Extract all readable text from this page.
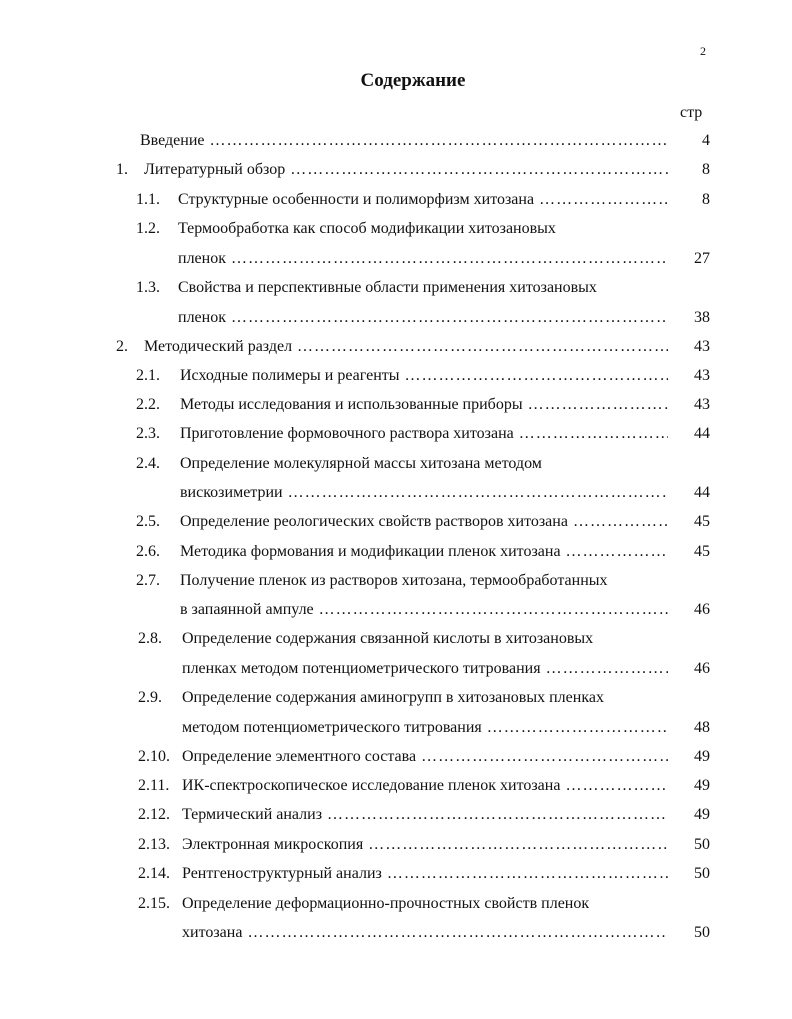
2
Содержание
стр
Введение ………………………………………………………………………………………………………………………………………………	4
1. Литературный обзор ………………………………………………………………………………………………………………………………………………	8
1.1. Структурные особенности и полиморфизм хитозана ………………………………………………………………………………………………………………………………………………	8
1.2. Термообработка как способ модификации хитозановых
пленок ………………………………………………………………………………………………………………………………………………	27
1.3. Свойства и перспективные области применения хитозановых
пленок ………………………………………………………………………………………………………………………………………………	38
2. Методический раздел ………………………………………………………………………………………………………………………………………………	43
2.1. Исходные полимеры и реагенты ………………………………………………………………………………………………………………………………………………	43
2.2. Методы исследования и использованные приборы ………………………………………………………………………………………………………………………………………………	43
2.3. Приготовление формовочного раствора хитозана ………………………………………………………………………………………………………………………………………………	44
2.4. Определение молекулярной массы хитозана методом
вискозиметрии ………………………………………………………………………………………………………………………………………………	44
2.5. Определение реологических свойств растворов хитозана ………………………………………………………………………………………………………………………………………………	45
2.6. Методика формования и модификации пленок хитозана ………………………………………………………………………………………………………………………………………………	45
2.7. Получение пленок из растворов хитозана, термообработанных
в запаянной ампуле ………………………………………………………………………………………………………………………………………………	46
2.8. Определение содержания связанной кислоты в хитозановых
пленках методом потенциометрического титрования ………………………………………………………………………………………………………………………………………………	46
2.9. Определение содержания аминогрупп в хитозановых пленках
методом потенциометрического титрования ………………………………………………………………………………………………………………………………………………	48
2.10. Определение элементного состава ………………………………………………………………………………………………………………………………………………	49
2.11. ИК-спектроскопическое исследование пленок хитозана ………………………………………………………………………………………………………………………………………………	49
2.12. Термический анализ ………………………………………………………………………………………………………………………………………………	49
2.13. Электронная микроскопия ………………………………………………………………………………………………………………………………………………	50
2.14. Рентгеноструктурный анализ ………………………………………………………………………………………………………………………………………………	50
2.15. Определение деформационно-прочностных свойств пленок
хитозана ………………………………………………………………………………………………………………………………………………	50
